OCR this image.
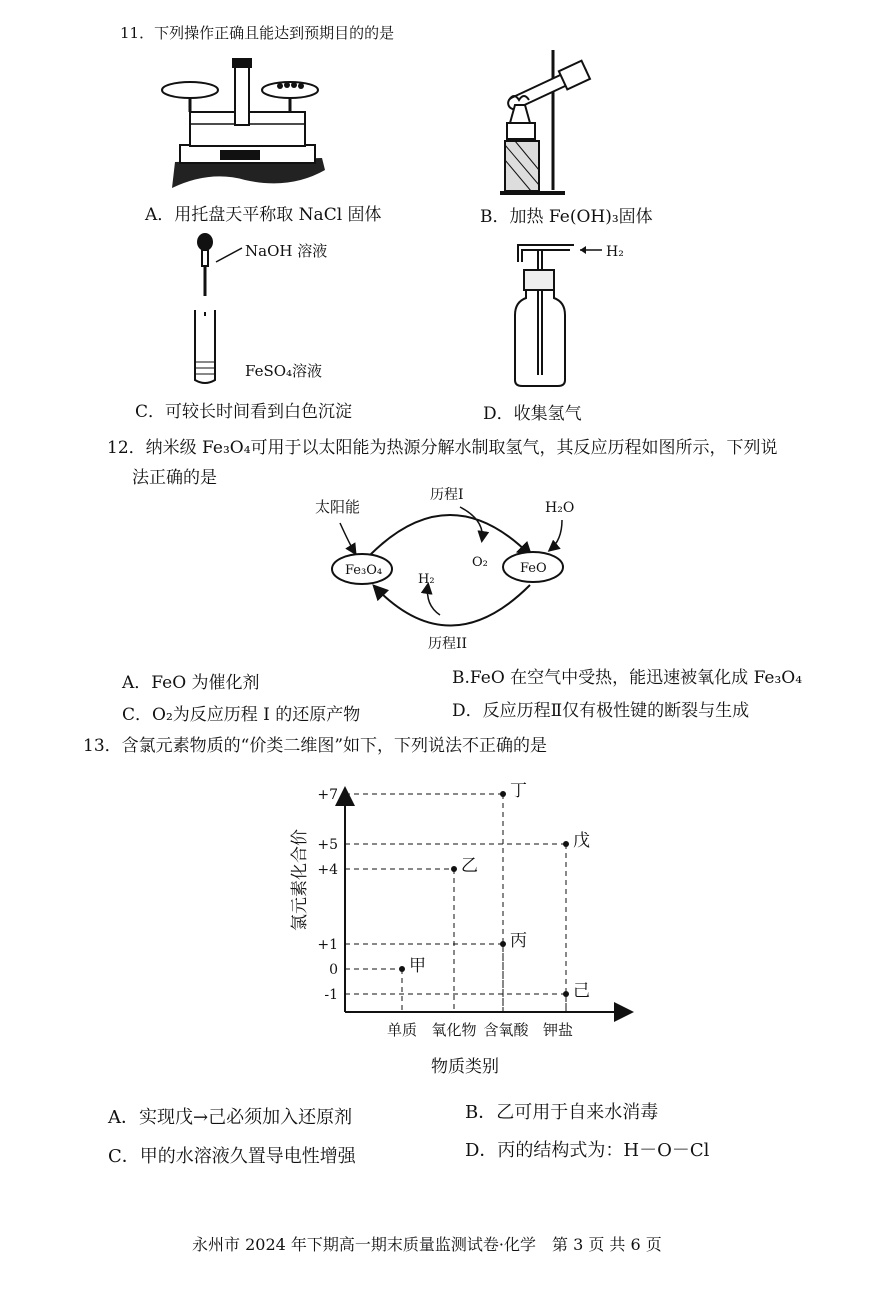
11．下列操作正确且能达到预期目的的是
A．用托盘天平称取 NaCl 固体	B．加热 Fe(OH)₃固体
NaOH 溶液
FeSO₄溶液
C．可较长时间看到白色沉淀
H₂
D．收集氢气
12．纳米级 Fe₃O₄可用于以太阳能为热源分解水制取氢气，其反应历程如图所示，下列说
法正确的是
太阳能
历程I
H₂O
Fe₃O₄	FeO
O₂
H₂
历程II
A．FeO 为催化剂	B.FeO 在空气中受热，能迅速被氧化成 Fe₃O₄
C．O₂为反应历程 I 的还原产物	D．反应历程Ⅱ仅有极性键的断裂与生成
13．含氯元素物质的“价类二维图”如下，下列说法不正确的是
氯元素化合价
物质类别
+7
+5
+4
+1
0
-1
单质 氧化物 含氧酸 钾盐
甲
乙
丙
丁
戊
己
A．实现戊→己必须加入还原剂	B．乙可用于自来水消毒
C．甲的水溶液久置导电性增强	D．丙的结构式为：H－O－Cl
永州市 2024 年下期高一期末质量监测试卷·化学　第 3 页 共 6 页
